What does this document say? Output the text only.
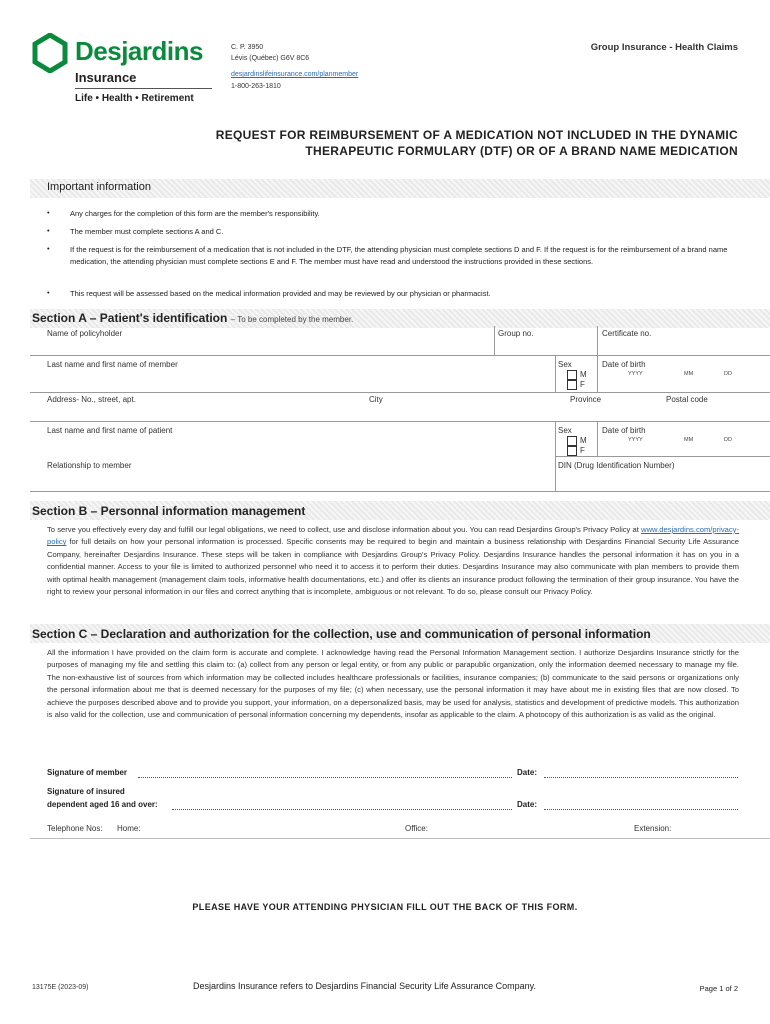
Desjardins
Insurance
Life • Health • Retirement
C. P. 3950
Lévis (Québec) G6V 8C6
desjardinslifeinsurance.com/planmember
1-800-263-1810
Group Insurance - Health Claims
REQUEST FOR REIMBURSEMENT OF A MEDICATION NOT INCLUDED IN THE DYNAMIC
THERAPEUTIC FORMULARY (DTF) OR OF A BRAND NAME MEDICATION
Important information
•	Any charges for the completion of this form are the member's responsibility.
•	The member must complete sections A and C.
•	If the request is for the reimbursement of a medication that is not included in the DTF, the attending physician must complete sections D and F. If the request is for the reimbursement of a brand name medication, the attending physician must complete sections E and F. The member must have read and understood the instructions provided in these sections.
•	This request will be assessed based on the medical information provided and may be reviewed by our physician or pharmacist.
Section A – Patient's identification – To be completed by the member.
Name of policyholder	Group no.	Certificate no.
Last name and first name of member	Sex
M
F
Date of birth
YYYY	MM	DD
Address- No., street, apt.	City	Province	Postal code
Last name and first name of patient	Sex
M
F
Date of birth
YYYY	MM	DD
Relationship to member	DIN (Drug Identification Number)
Section B – Personnal information management
To serve you effectively every day and fulfill our legal obligations, we need to collect, use and disclose information about you. You can read Desjardins Group's Privacy Policy at www.desjardins.com/privacy-policy for full details on how your personal information is processed. Specific consents may be required to begin and maintain a business relationship with Desjardins Financial Security Life Assurance Company, hereinafter Desjardins Insurance. These steps will be taken in compliance with Desjardins Group's Privacy Policy. Desjardins Insurance handles the personal information it has on you in a confidential manner. Access to your file is limited to authorized personnel who need it to access it to perform their duties. Desjardins Insurance may also communicate with plan members to provide them with optimal health management (management claim tools, informative health documentations, etc.) and offer its clients an insurance product following the termination of their group insurance. You have the right to review your personal information in our files and correct anything that is incomplete, ambiguous or not relevant. To do so, please consult our Privacy Policy.
Section C – Declaration and authorization for the collection, use and communication of personal information
All the information I have provided on the claim form is accurate and complete. I acknowledge having read the Personal Information Management section. I authorize Desjardins Insurance strictly for the purposes of managing my file and settling this claim to: (a) collect from any person or legal entity, or from any public or parapublic organization, only the information deemed necessary to manage my file. The non-exhaustive list of sources from which information may be collected includes healthcare professionals or facilities, insurance companies; (b) communicate to the said persons or organizations only the personal information about me that is deemed necessary for the purposes of my file; (c) when necessary, use the personal information it may have about me in existing files that are now closed. To achieve the purposes described above and to provide you support, your information, on a depersonalized basis, may be used for analysis, statistics and development of predictive models. This authorization is also valid for the collection, use and communication of personal information concerning my dependents, insofar as applicable to the claim. A photocopy of this authorization is as valid as the original.
Signature of member	Date:
Signature of insured
dependent aged 16 and over:	Date:
Telephone Nos: Home:	Office:	Extension:
PLEASE HAVE YOUR ATTENDING PHYSICIAN FILL OUT THE BACK OF THIS FORM.
13175E (2023-09)	Desjardins Insurance refers to Desjardins Financial Security Life Assurance Company.	Page 1 of 2
